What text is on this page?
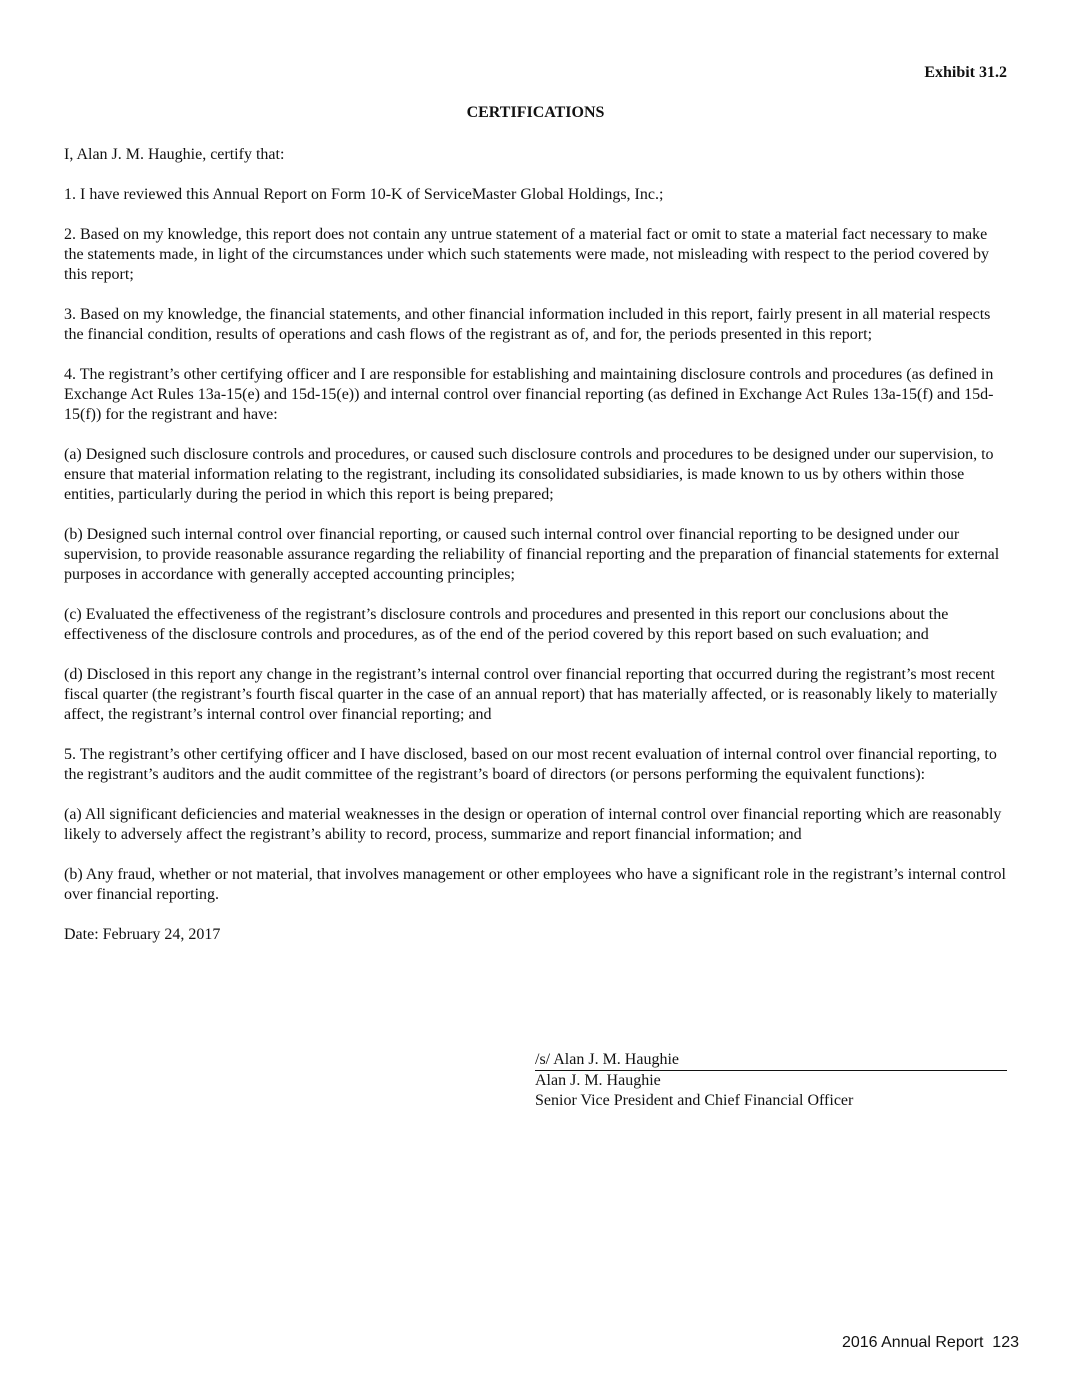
Exhibit 31.2
CERTIFICATIONS

I, Alan J. M. Haughie, certify that:

1. I have reviewed this Annual Report on Form 10-K of ServiceMaster Global Holdings, Inc.;

2. Based on my knowledge, this report does not contain any untrue statement of a material fact or omit to state a material fact necessary to make the statements made, in light of the circumstances under which such statements were made, not misleading with respect to the period covered by this report;

3. Based on my knowledge, the financial statements, and other financial information included in this report, fairly present in all material respects the financial condition, results of operations and cash flows of the registrant as of, and for, the periods presented in this report;

4. The registrant’s other certifying officer and I are responsible for establishing and maintaining disclosure controls and procedures (as defined in Exchange Act Rules 13a-15(e) and 15d-15(e)) and internal control over financial reporting (as defined in Exchange Act Rules 13a-15(f) and 15d-15(f)) for the registrant and have:

(a) Designed such disclosure controls and procedures, or caused such disclosure controls and procedures to be designed under our supervision, to ensure that material information relating to the registrant, including its consolidated subsidiaries, is made known to us by others within those entities, particularly during the period in which this report is being prepared;

(b) Designed such internal control over financial reporting, or caused such internal control over financial reporting to be designed under our supervision, to provide reasonable assurance regarding the reliability of financial reporting and the preparation of financial statements for external purposes in accordance with generally accepted accounting principles;

(c) Evaluated the effectiveness of the registrant’s disclosure controls and procedures and presented in this report our conclusions about the effectiveness of the disclosure controls and procedures, as of the end of the period covered by this report based on such evaluation; and

(d) Disclosed in this report any change in the registrant’s internal control over financial reporting that occurred during the registrant’s most recent fiscal quarter (the registrant’s fourth fiscal quarter in the case of an annual report) that has materially affected, or is reasonably likely to materially affect, the registrant’s internal control over financial reporting; and

5. The registrant’s other certifying officer and I have disclosed, based on our most recent evaluation of internal control over financial reporting, to the registrant’s auditors and the audit committee of the registrant’s board of directors (or persons performing the equivalent functions):

(a) All significant deficiencies and material weaknesses in the design or operation of internal control over financial reporting which are reasonably likely to adversely affect the registrant’s ability to record, process, summarize and report financial information; and

(b) Any fraud, whether or not material, that involves management or other employees who have a significant role in the registrant’s internal control over financial reporting.

Date: February 24, 2017

/s/ Alan J. M. Haughie
Alan J. M. Haughie
Senior Vice President and Chief Financial Officer
2016 Annual Report 123
